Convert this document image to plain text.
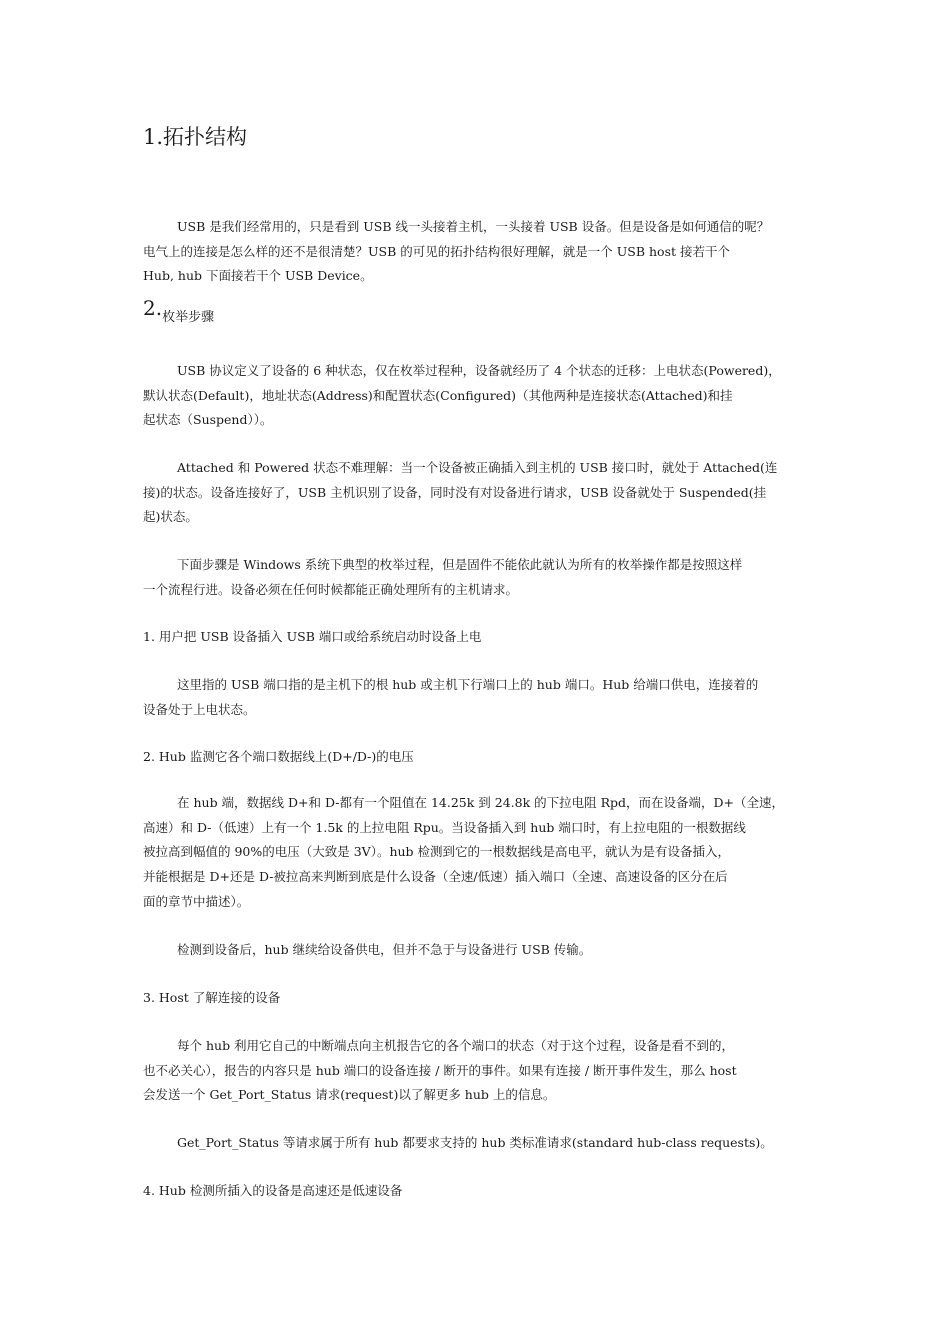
1.拓扑结构

USB 是我们经常用的，只是看到 USB 线一头接着主机，一头接着 USB 设备。但是设备是如何通信的呢？
电气上的连接是怎么样的还不是很清楚？USB 的可见的拓扑结构很好理解，就是一个 USB host 接若干个
Hub, hub 下面接若干个 USB Device。

$2._{枚举步骤}$

USB 协议定义了设备的 6 种状态，仅在枚举过程种，设备就经历了 4 个状态的迁移：上电状态(Powered)，
默认状态(Default)，地址状态(Address)和配置状态(Configured)（其他两种是连接状态(Attached)和挂
起状态（Suspend））。

Attached 和 Powered 状态不难理解：当一个设备被正确插入到主机的 USB 接口时，就处于 Attached(连
接)的状态。设备连接好了，USB 主机识别了设备，同时没有对设备进行请求，USB 设备就处于 Suspended(挂
起)状态。

下面步骤是 Windows 系统下典型的枚举过程，但是固件不能依此就认为所有的枚举操作都是按照这样
一个流程行进。设备必须在任何时候都能正确处理所有的主机请求。

1. 用户把 USB 设备插入 USB 端口或给系统启动时设备上电

这里指的 USB 端口指的是主机下的根 hub 或主机下行端口上的 hub 端口。Hub 给端口供电，连接着的
设备处于上电状态。

2. Hub 监测它各个端口数据线上(D+/D-)的电压

在 hub 端，数据线 D+和 D-都有一个阻值在 14.25k 到 24.8k 的下拉电阻 Rpd，而在设备端，D+（全速，
高速）和 D-（低速）上有一个 1.5k 的上拉电阻 Rpu。当设备插入到 hub 端口时，有上拉电阻的一根数据线
被拉高到幅值的 90%的电压（大致是 3V）。hub 检测到它的一根数据线是高电平，就认为是有设备插入，
并能根据是 D+还是 D-被拉高来判断到底是什么设备（全速/低速）插入端口（全速、高速设备的区分在后
面的章节中描述）。

检测到设备后，hub 继续给设备供电，但并不急于与设备进行 USB 传输。

3. Host 了解连接的设备

每个 hub 利用它自己的中断端点向主机报告它的各个端口的状态（对于这个过程，设备是看不到的，
也不必关心），报告的内容只是 hub 端口的设备连接 / 断开的事件。如果有连接 / 断开事件发生，那么 host
会发送一个 Get_Port_Status 请求(request)以了解更多 hub 上的信息。

Get_Port_Status 等请求属于所有 hub 都要求支持的 hub 类标准请求(standard hub-class requests)。

4. Hub 检测所插入的设备是高速还是低速设备
